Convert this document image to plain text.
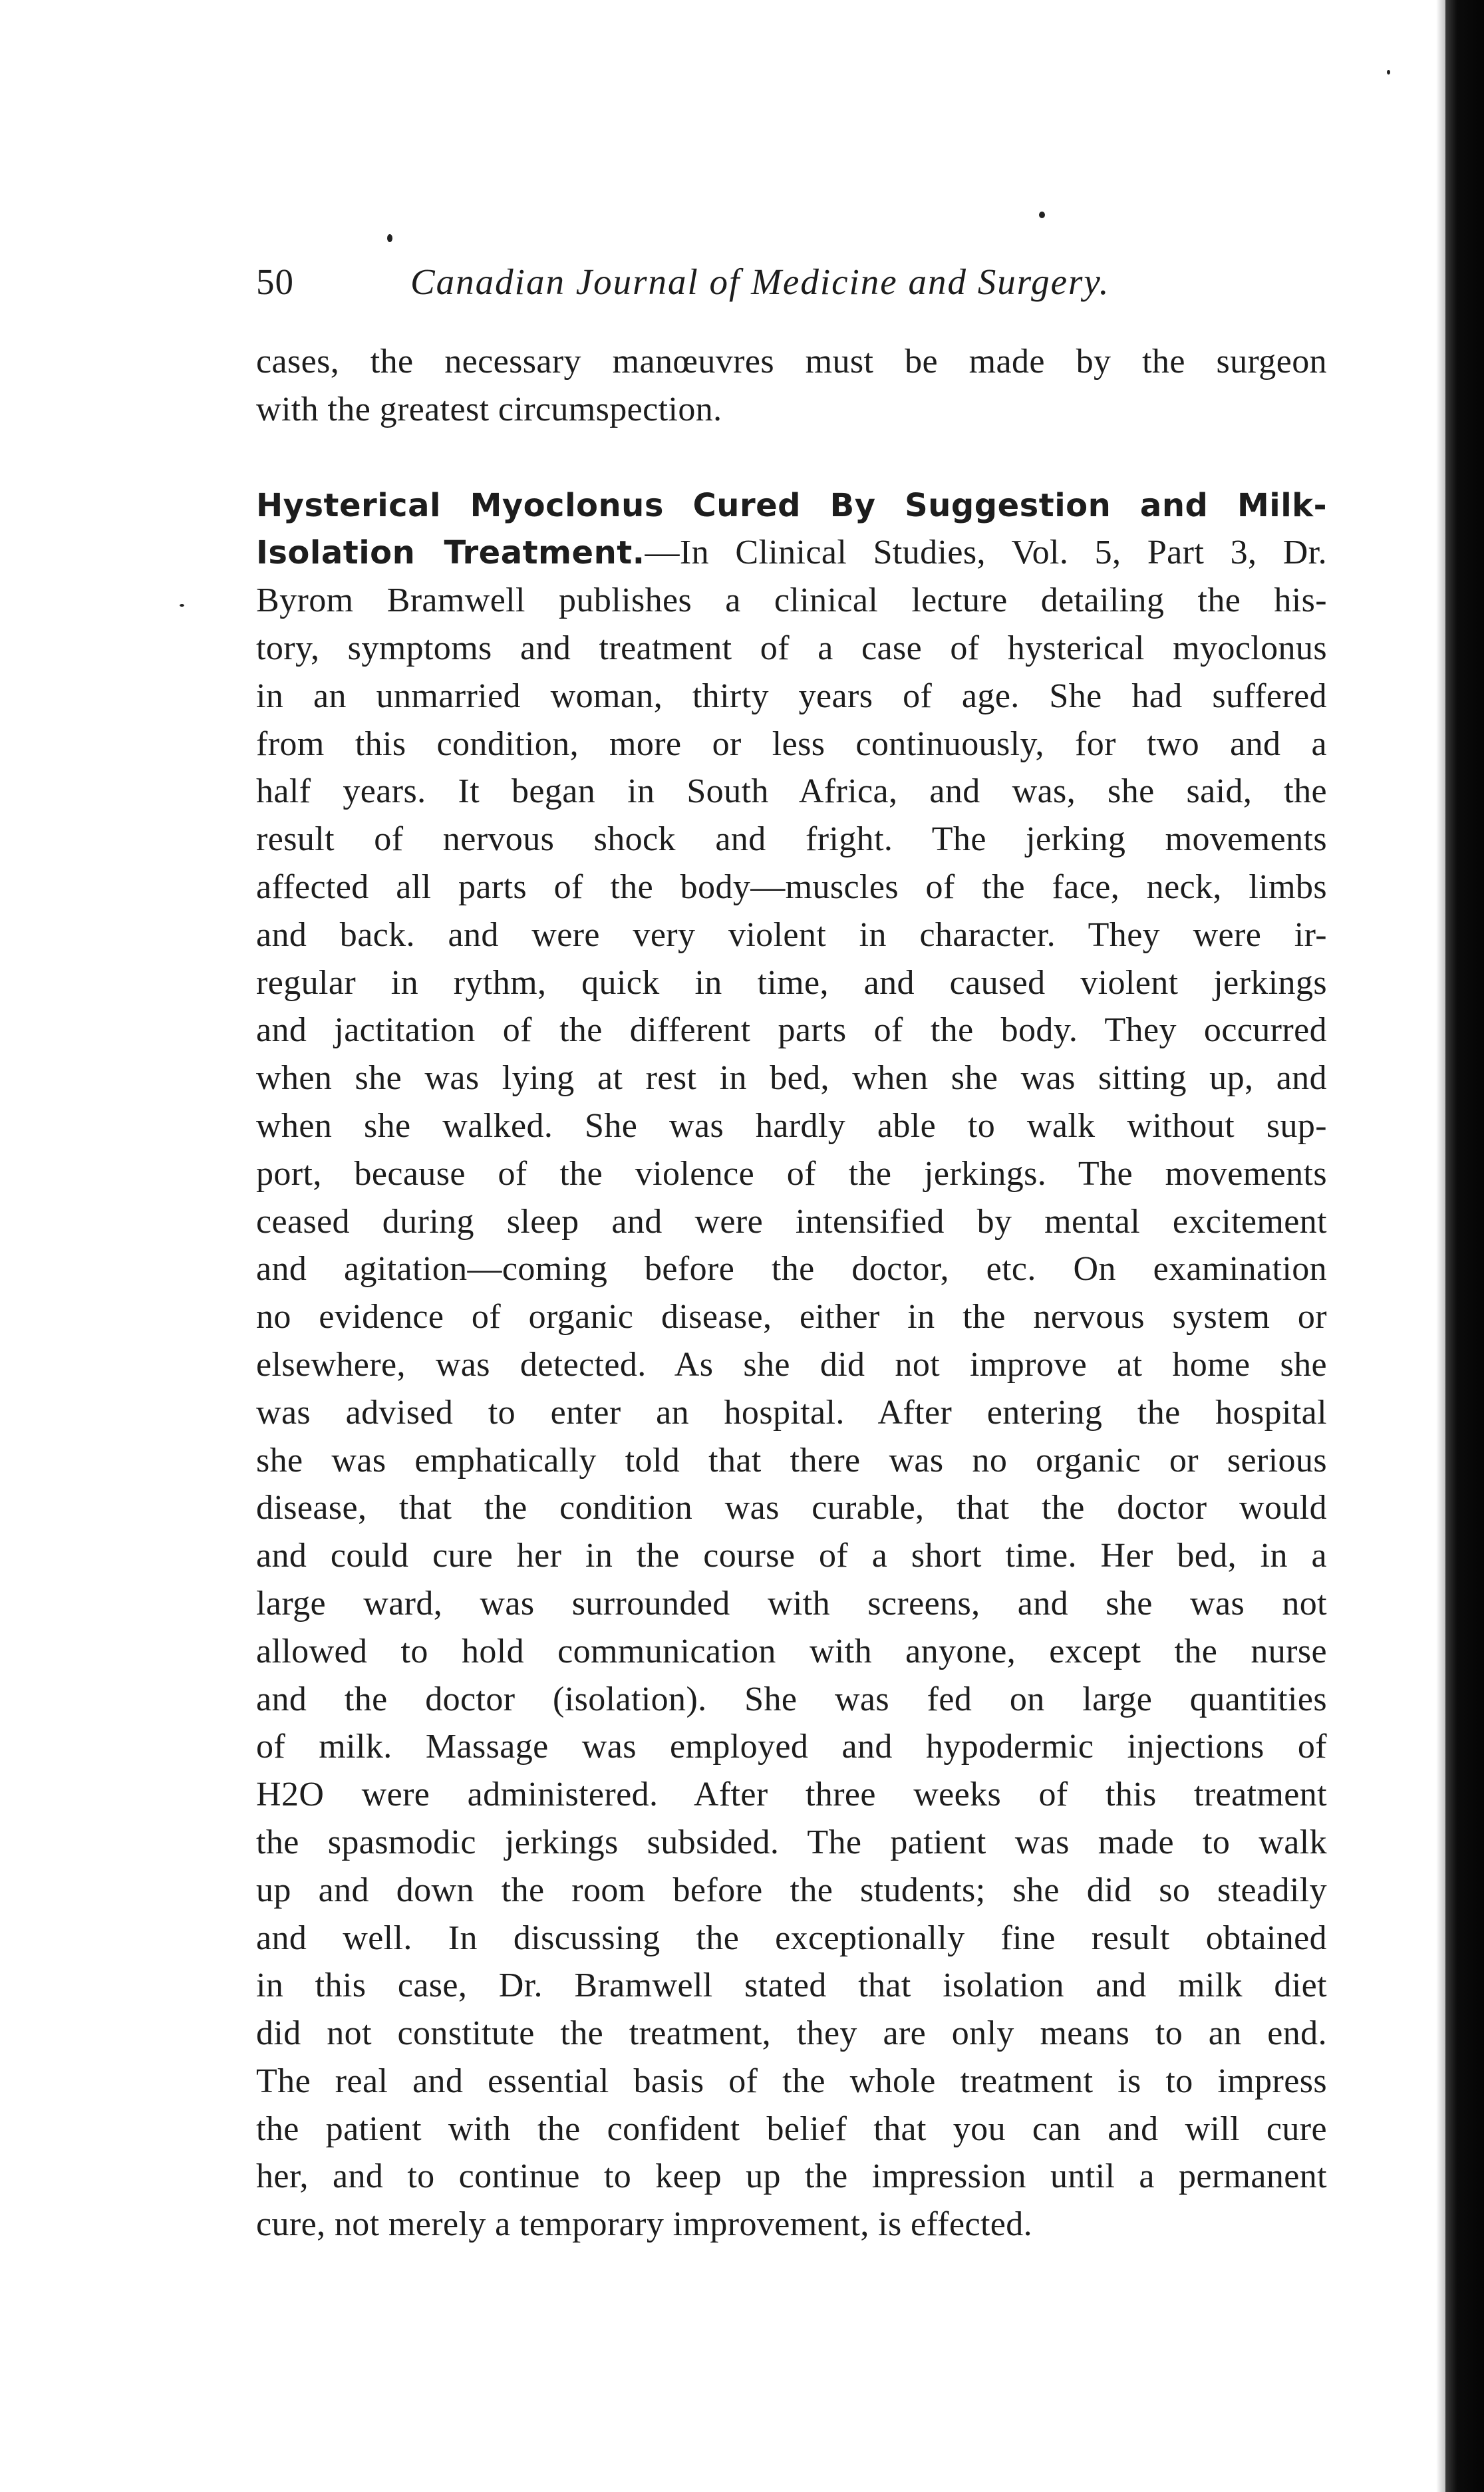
50	Canadian Journal of Medicine and Surgery.
cases, the necessary manœuvres must be made by the surgeon
with the greatest circumspection.
Hysterical Myoclonus Cured By Suggestion and Milk-
Isolation Treatment.—In Clinical Studies, Vol. 5, Part 3, Dr.
Byrom Bramwell publishes a clinical lecture detailing the his-
tory, symptoms and treatment of a case of hysterical myoclonus
in an unmarried woman, thirty years of age. She had suffered
from this condition, more or less continuously, for two and a
half years. It began in South Africa, and was, she said, the
result of nervous shock and fright. The jerking movements
affected all parts of the body—muscles of the face, neck, limbs
and back. and were very violent in character. They were ir-
regular in rythm, quick in time, and caused violent jerkings
and jactitation of the different parts of the body. They occurred
when she was lying at rest in bed, when she was sitting up, and
when she walked. She was hardly able to walk without sup-
port, because of the violence of the jerkings. The movements
ceased during sleep and were intensified by mental excitement
and agitation—coming before the doctor, etc. On examination
no evidence of organic disease, either in the nervous system or
elsewhere, was detected. As she did not improve at home she
was advised to enter an hospital. After entering the hospital
she was emphatically told that there was no organic or serious
disease, that the condition was curable, that the doctor would
and could cure her in the course of a short time. Her bed, in a
large ward, was surrounded with screens, and she was not
allowed to hold communication with anyone, except the nurse
and the doctor (isolation). She was fed on large quantities
of milk. Massage was employed and hypodermic injections of
H2O were administered. After three weeks of this treatment
the spasmodic jerkings subsided. The patient was made to walk
up and down the room before the students; she did so steadily
and well. In discussing the exceptionally fine result obtained
in this case, Dr. Bramwell stated that isolation and milk diet
did not constitute the treatment, they are only means to an end.
The real and essential basis of the whole treatment is to impress
the patient with the confident belief that you can and will cure
her, and to continue to keep up the impression until a permanent
cure, not merely a temporary improvement, is effected.
